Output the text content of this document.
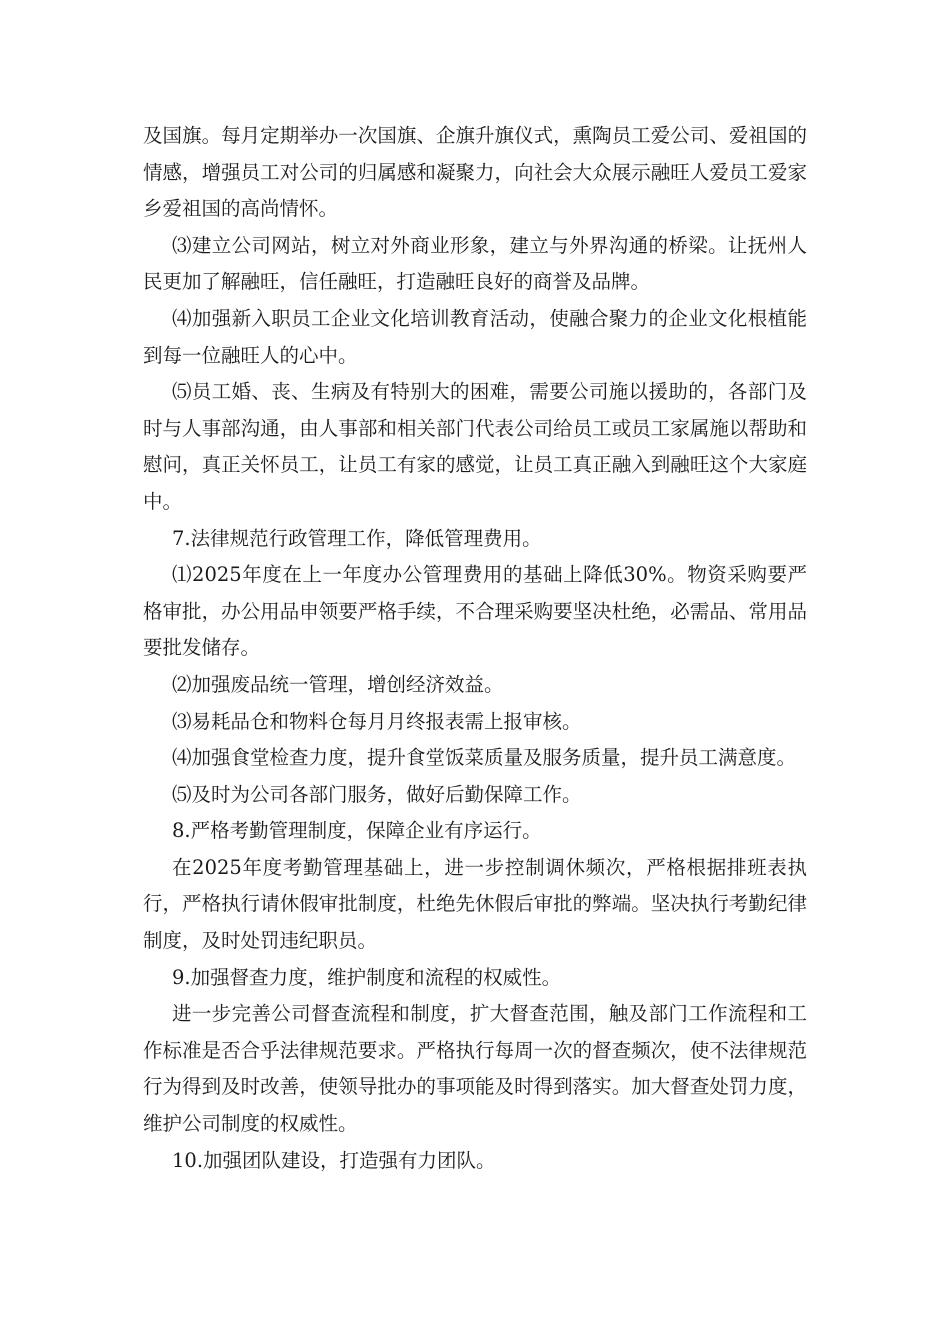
及国旗。每月定期举办一次国旗、企旗升旗仪式，熏陶员工爱公司、爱祖国的情感，增强员工对公司的归属感和凝聚力，向社会大众展示融旺人爱员工爱家乡爱祖国的高尚情怀。

⑶建立公司网站，树立对外商业形象，建立与外界沟通的桥梁。让抚州人民更加了解融旺，信任融旺，打造融旺良好的商誉及品牌。

⑷加强新入职员工企业文化培训教育活动，使融合聚力的企业文化根植能到每一位融旺人的心中。

⑸员工婚、丧、生病及有特别大的困难，需要公司施以援助的，各部门及时与人事部沟通，由人事部和相关部门代表公司给员工或员工家属施以帮助和慰问，真正关怀员工，让员工有家的感觉，让员工真正融入到融旺这个大家庭中。

7.法律规范行政管理工作，降低管理费用。

⑴2025年度在上一年度办公管理费用的基础上降低30%。物资采购要严格审批，办公用品申领要严格手续，不合理采购要坚决杜绝，必需品、常用品要批发储存。

⑵加强废品统一管理，增创经济效益。

⑶易耗品仓和物料仓每月月终报表需上报审核。

⑷加强食堂检查力度，提升食堂饭菜质量及服务质量，提升员工满意度。

⑸及时为公司各部门服务，做好后勤保障工作。

8.严格考勤管理制度，保障企业有序运行。

在2025年度考勤管理基础上，进一步控制调休频次，严格根据排班表执行，严格执行请休假审批制度，杜绝先休假后审批的弊端。坚决执行考勤纪律制度，及时处罚违纪职员。

9.加强督查力度，维护制度和流程的权威性。

进一步完善公司督查流程和制度，扩大督查范围，触及部门工作流程和工作标准是否合乎法律规范要求。严格执行每周一次的督查频次，使不法律规范行为得到及时改善，使领导批办的事项能及时得到落实。加大督查处罚力度，维护公司制度的权威性。

10.加强团队建设，打造强有力团队。
